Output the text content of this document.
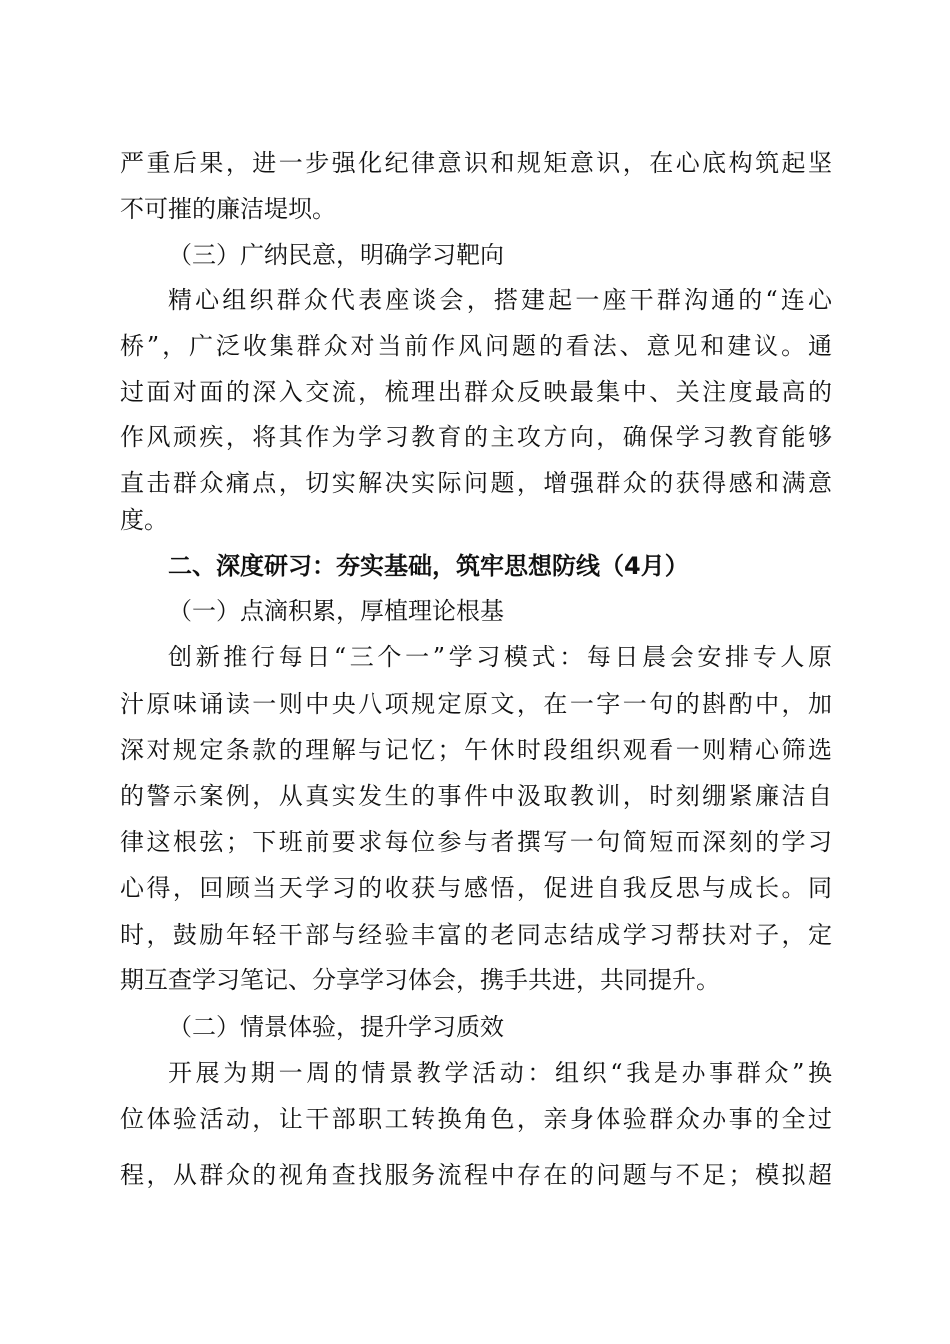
严重后果，进一步强化纪律意识和规矩意识，在心底构筑起坚
不可摧的廉洁堤坝。
（三）广纳民意，明确学习靶向
精心组织群众代表座谈会，搭建起一座干群沟通的“连心
桥”，广泛收集群众对当前作风问题的看法、意见和建议。通
过面对面的深入交流，梳理出群众反映最集中、关注度最高的
作风顽疾，将其作为学习教育的主攻方向，确保学习教育能够
直击群众痛点，切实解决实际问题，增强群众的获得感和满意
度。
二、深度研习：夯实基础，筑牢思想防线（4月）
（一）点滴积累，厚植理论根基
创新推行每日“三个一”学习模式：每日晨会安排专人原
汁原味诵读一则中央八项规定原文，在一字一句的斟酌中，加
深对规定条款的理解与记忆；午休时段组织观看一则精心筛选
的警示案例，从真实发生的事件中汲取教训，时刻绷紧廉洁自
律这根弦；下班前要求每位参与者撰写一句简短而深刻的学习
心得，回顾当天学习的收获与感悟，促进自我反思与成长。同
时，鼓励年轻干部与经验丰富的老同志结成学习帮扶对子，定
期互查学习笔记、分享学习体会，携手共进，共同提升。
（二）情景体验，提升学习质效
开展为期一周的情景教学活动：组织“我是办事群众”换
位体验活动，让干部职工转换角色，亲身体验群众办事的全过
程，从群众的视角查找服务流程中存在的问题与不足；模拟超
